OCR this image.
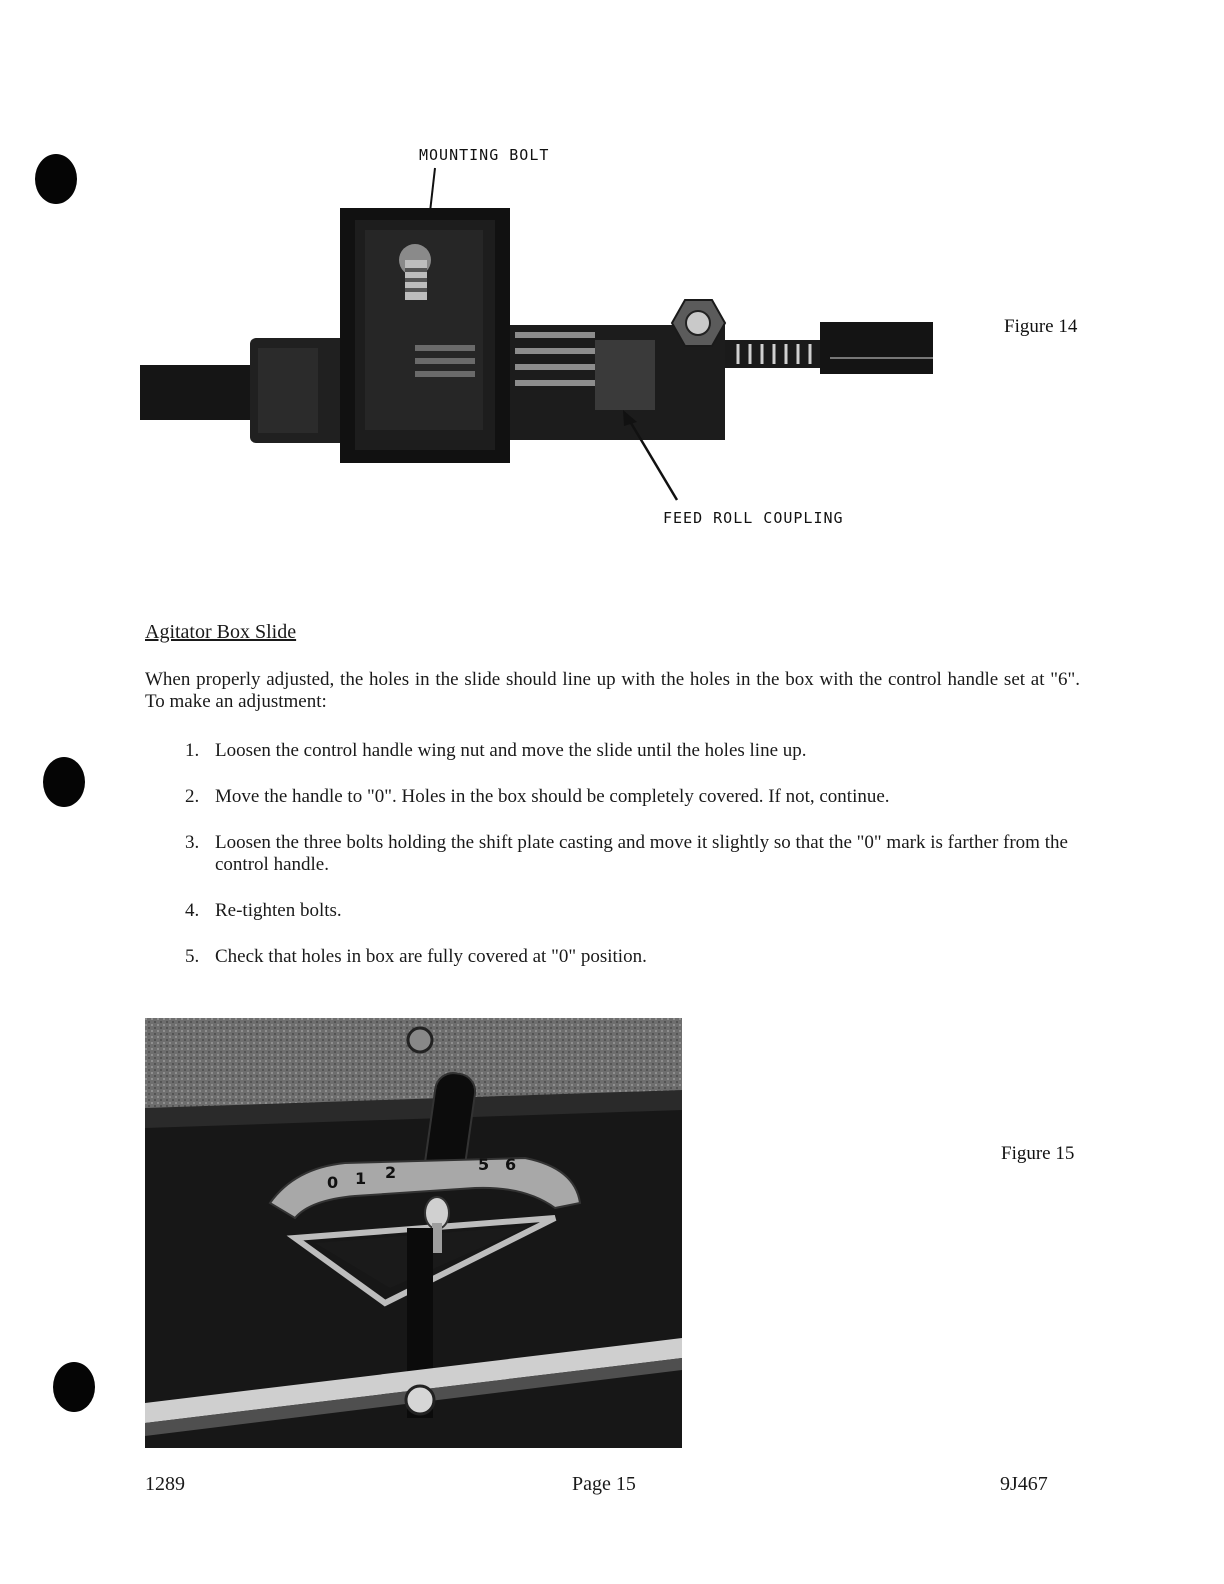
MOUNTING BOLT
FEED ROLL COUPLING
Figure 14
Agitator Box Slide

When properly adjusted, the holes in the slide should line up with the holes in the box with the control handle set at "6". To make an adjustment:

1. Loosen the control handle wing nut and move the slide until the holes line up.
2. Move the handle to "0". Holes in the box should be completely covered. If not, continue.
3. Loosen the three bolts holding the shift plate casting and move it slightly so that the "0" mark is farther from the control handle.
4. Re-tighten bolts.
5. Check that holes in box are fully covered at "0" position.
0 1 2	5 6
Figure 15
1289	Page 15	9J467
